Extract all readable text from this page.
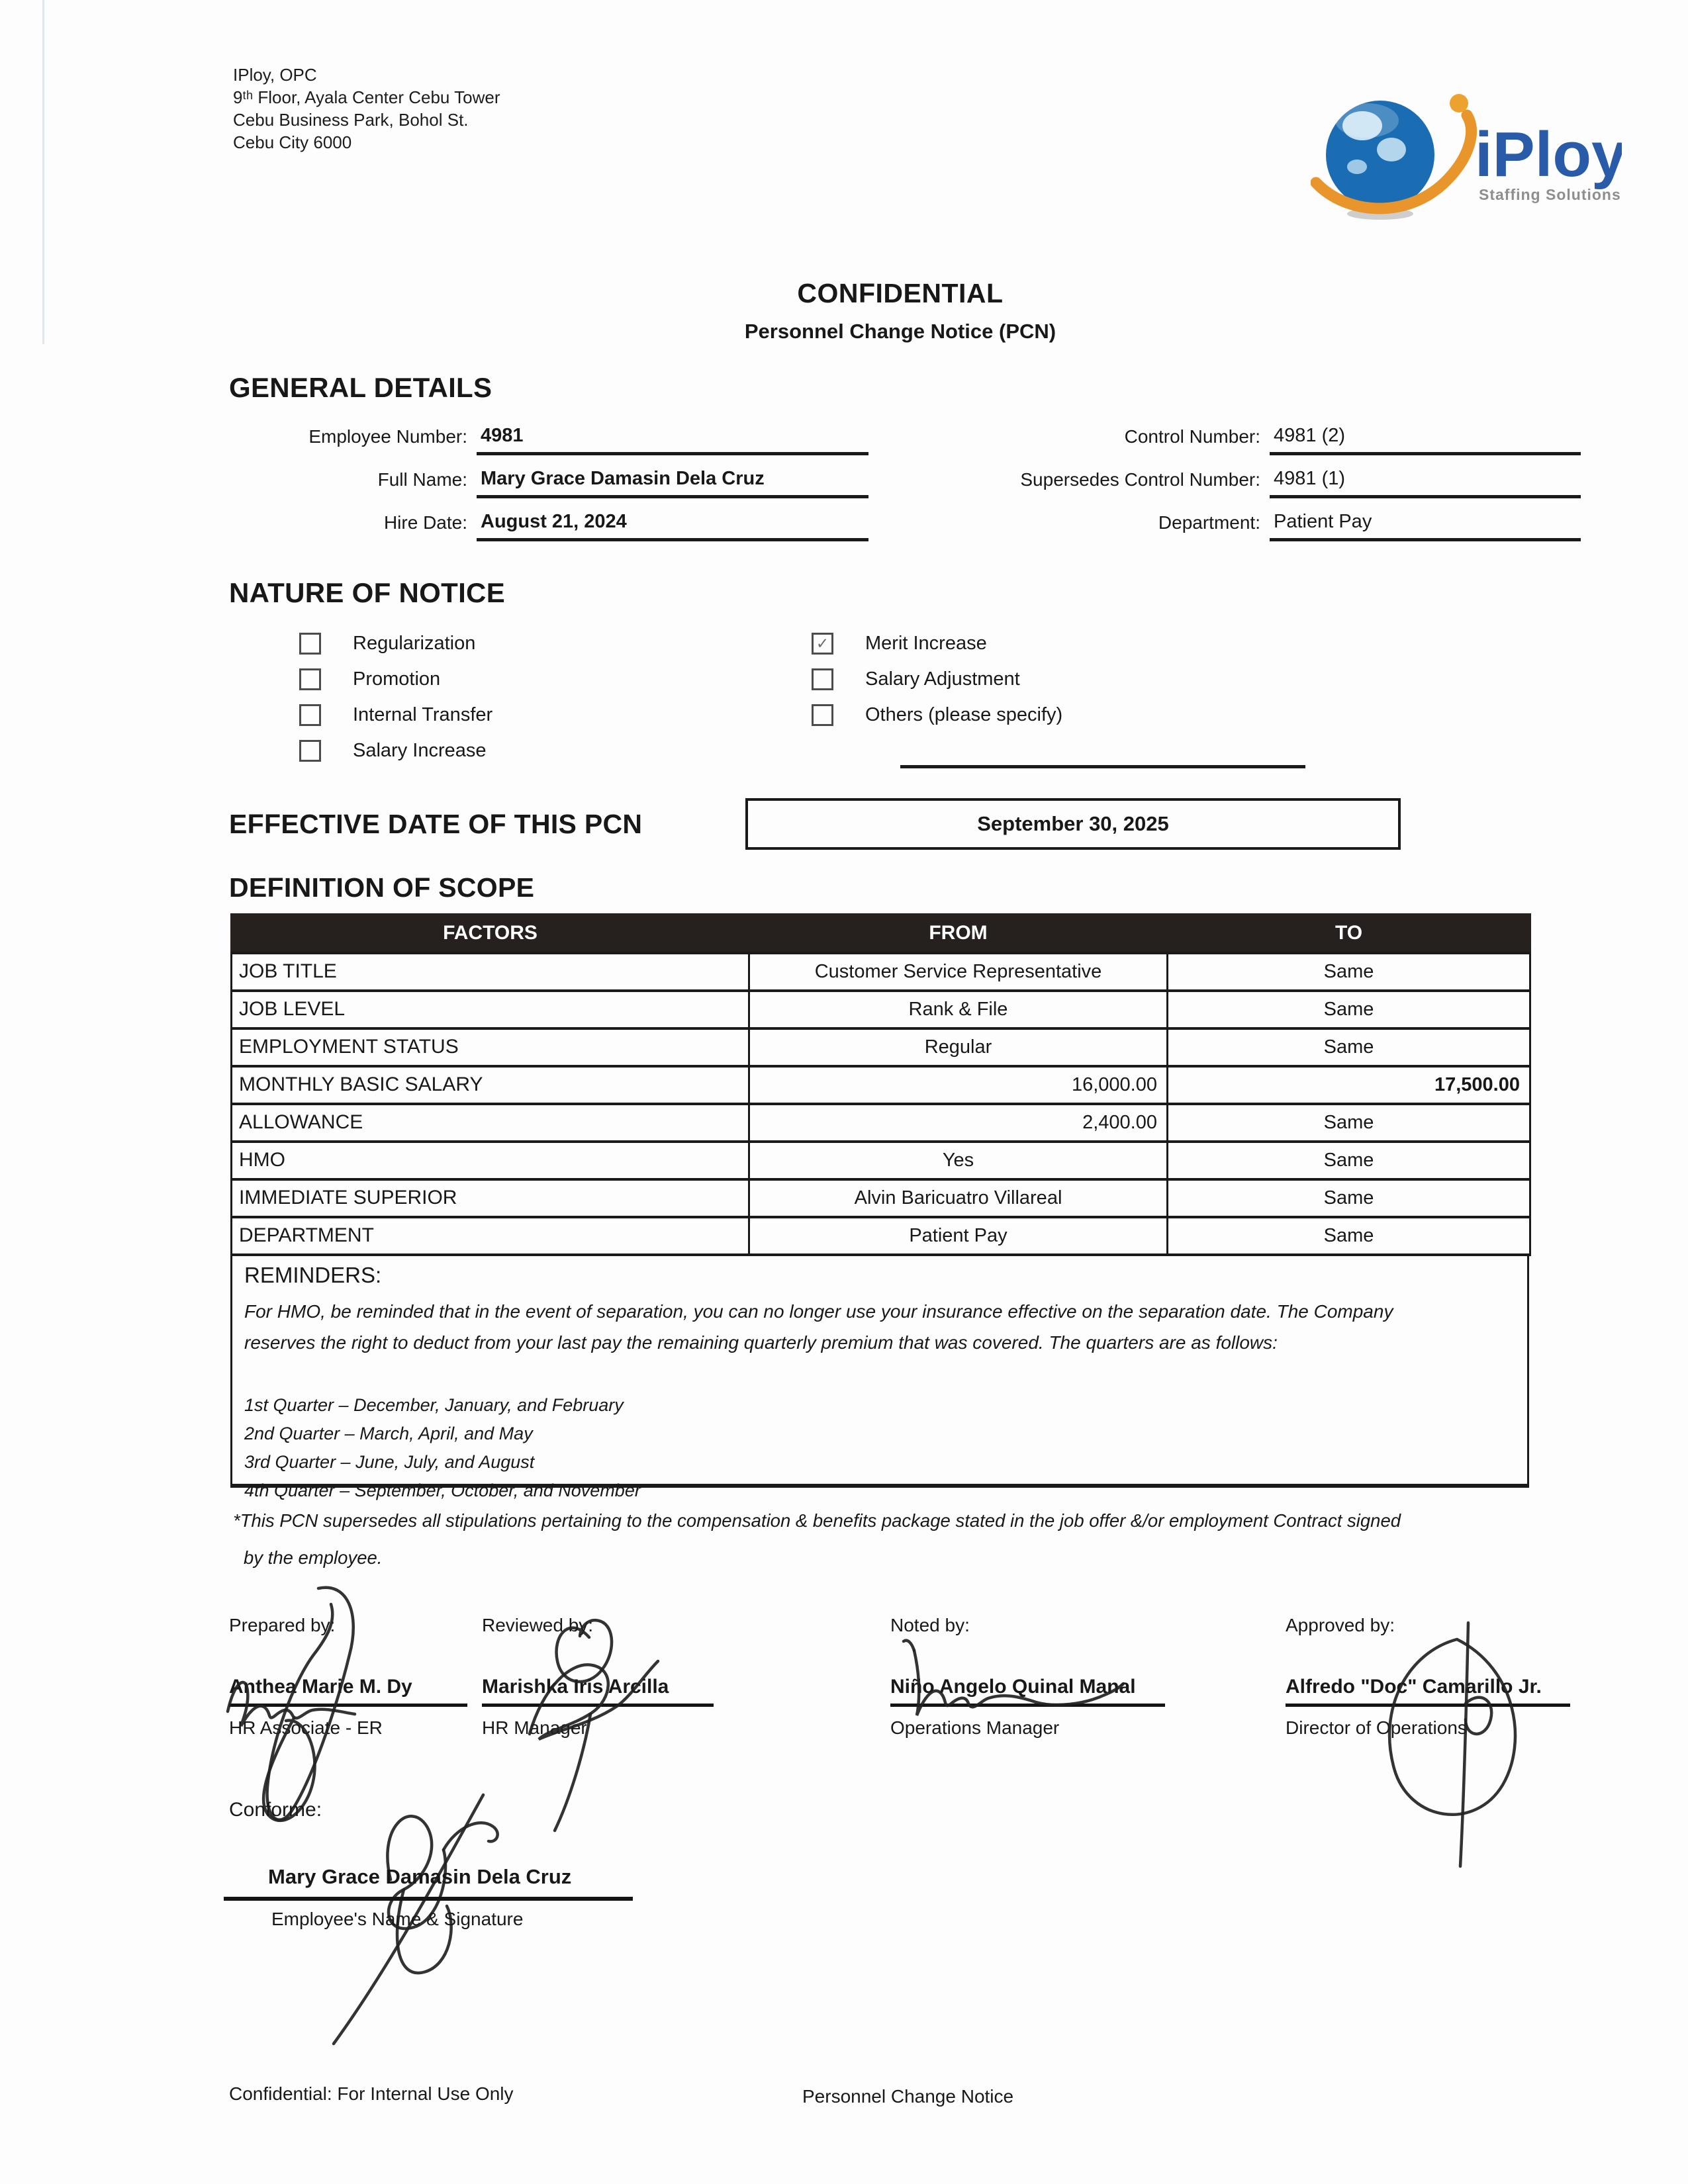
IPloy, OPC
9ᵗʰ Floor, Ayala Center Cebu Tower
Cebu Business Park, Bohol St.
Cebu City 6000	iPloy
Staffing Solutions
CONFIDENTIAL
Personnel Change Notice (PCN)
GENERAL DETAILS
Employee Number: 4981
Full Name: Mary Grace Damasin Dela Cruz
Hire Date: August 21, 2024
Control Number: 4981 (2)
Supersedes Control Number: 4981 (1)
Department: Patient Pay
NATURE OF NOTICE
Regularization
Promotion
Internal Transfer
Salary Increase
✓ Merit Increase
Salary Adjustment
Others (please specify)
EFFECTIVE DATE OF THIS PCN	September 30, 2025
DEFINITION OF SCOPE
FACTORS	FROM	TO
JOB TITLE	Customer Service Representative	Same
JOB LEVEL	Rank & File	Same
EMPLOYMENT STATUS	Regular	Same
MONTHLY BASIC SALARY	16,000.00	17,500.00
ALLOWANCE	2,400.00	Same
HMO	Yes	Same
IMMEDIATE SUPERIOR	Alvin Baricuatro Villareal	Same
DEPARTMENT	Patient Pay	Same
REMINDERS:
For HMO, be reminded that in the event of separation, you can no longer use your insurance effective on the separation date. The Company reserves the right to deduct from your last pay the remaining quarterly premium that was covered. The quarters are as follows:
1st Quarter – December, January, and February
2nd Quarter – March, April, and May
3rd Quarter – June, July, and August
4th Quarter – September, October, and November
*This PCN supersedes all stipulations pertaining to the compensation & benefits package stated in the job offer &/or employment Contract signed
by the employee.
Prepared by:
Anthea Marie M. Dy
HR Associate - ER
Reviewed by:
Marishka Iris Arcilla
HR Manager
Noted by:
Niño Angelo Quinal Manal
Operations Manager
Approved by:
Alfredo "Doc" Camarillo Jr.
Director of Operations
Conforme:
Mary Grace Damasin Dela Cruz
Employee's Name & Signature
Confidential: For Internal Use Only	Personnel Change Notice
